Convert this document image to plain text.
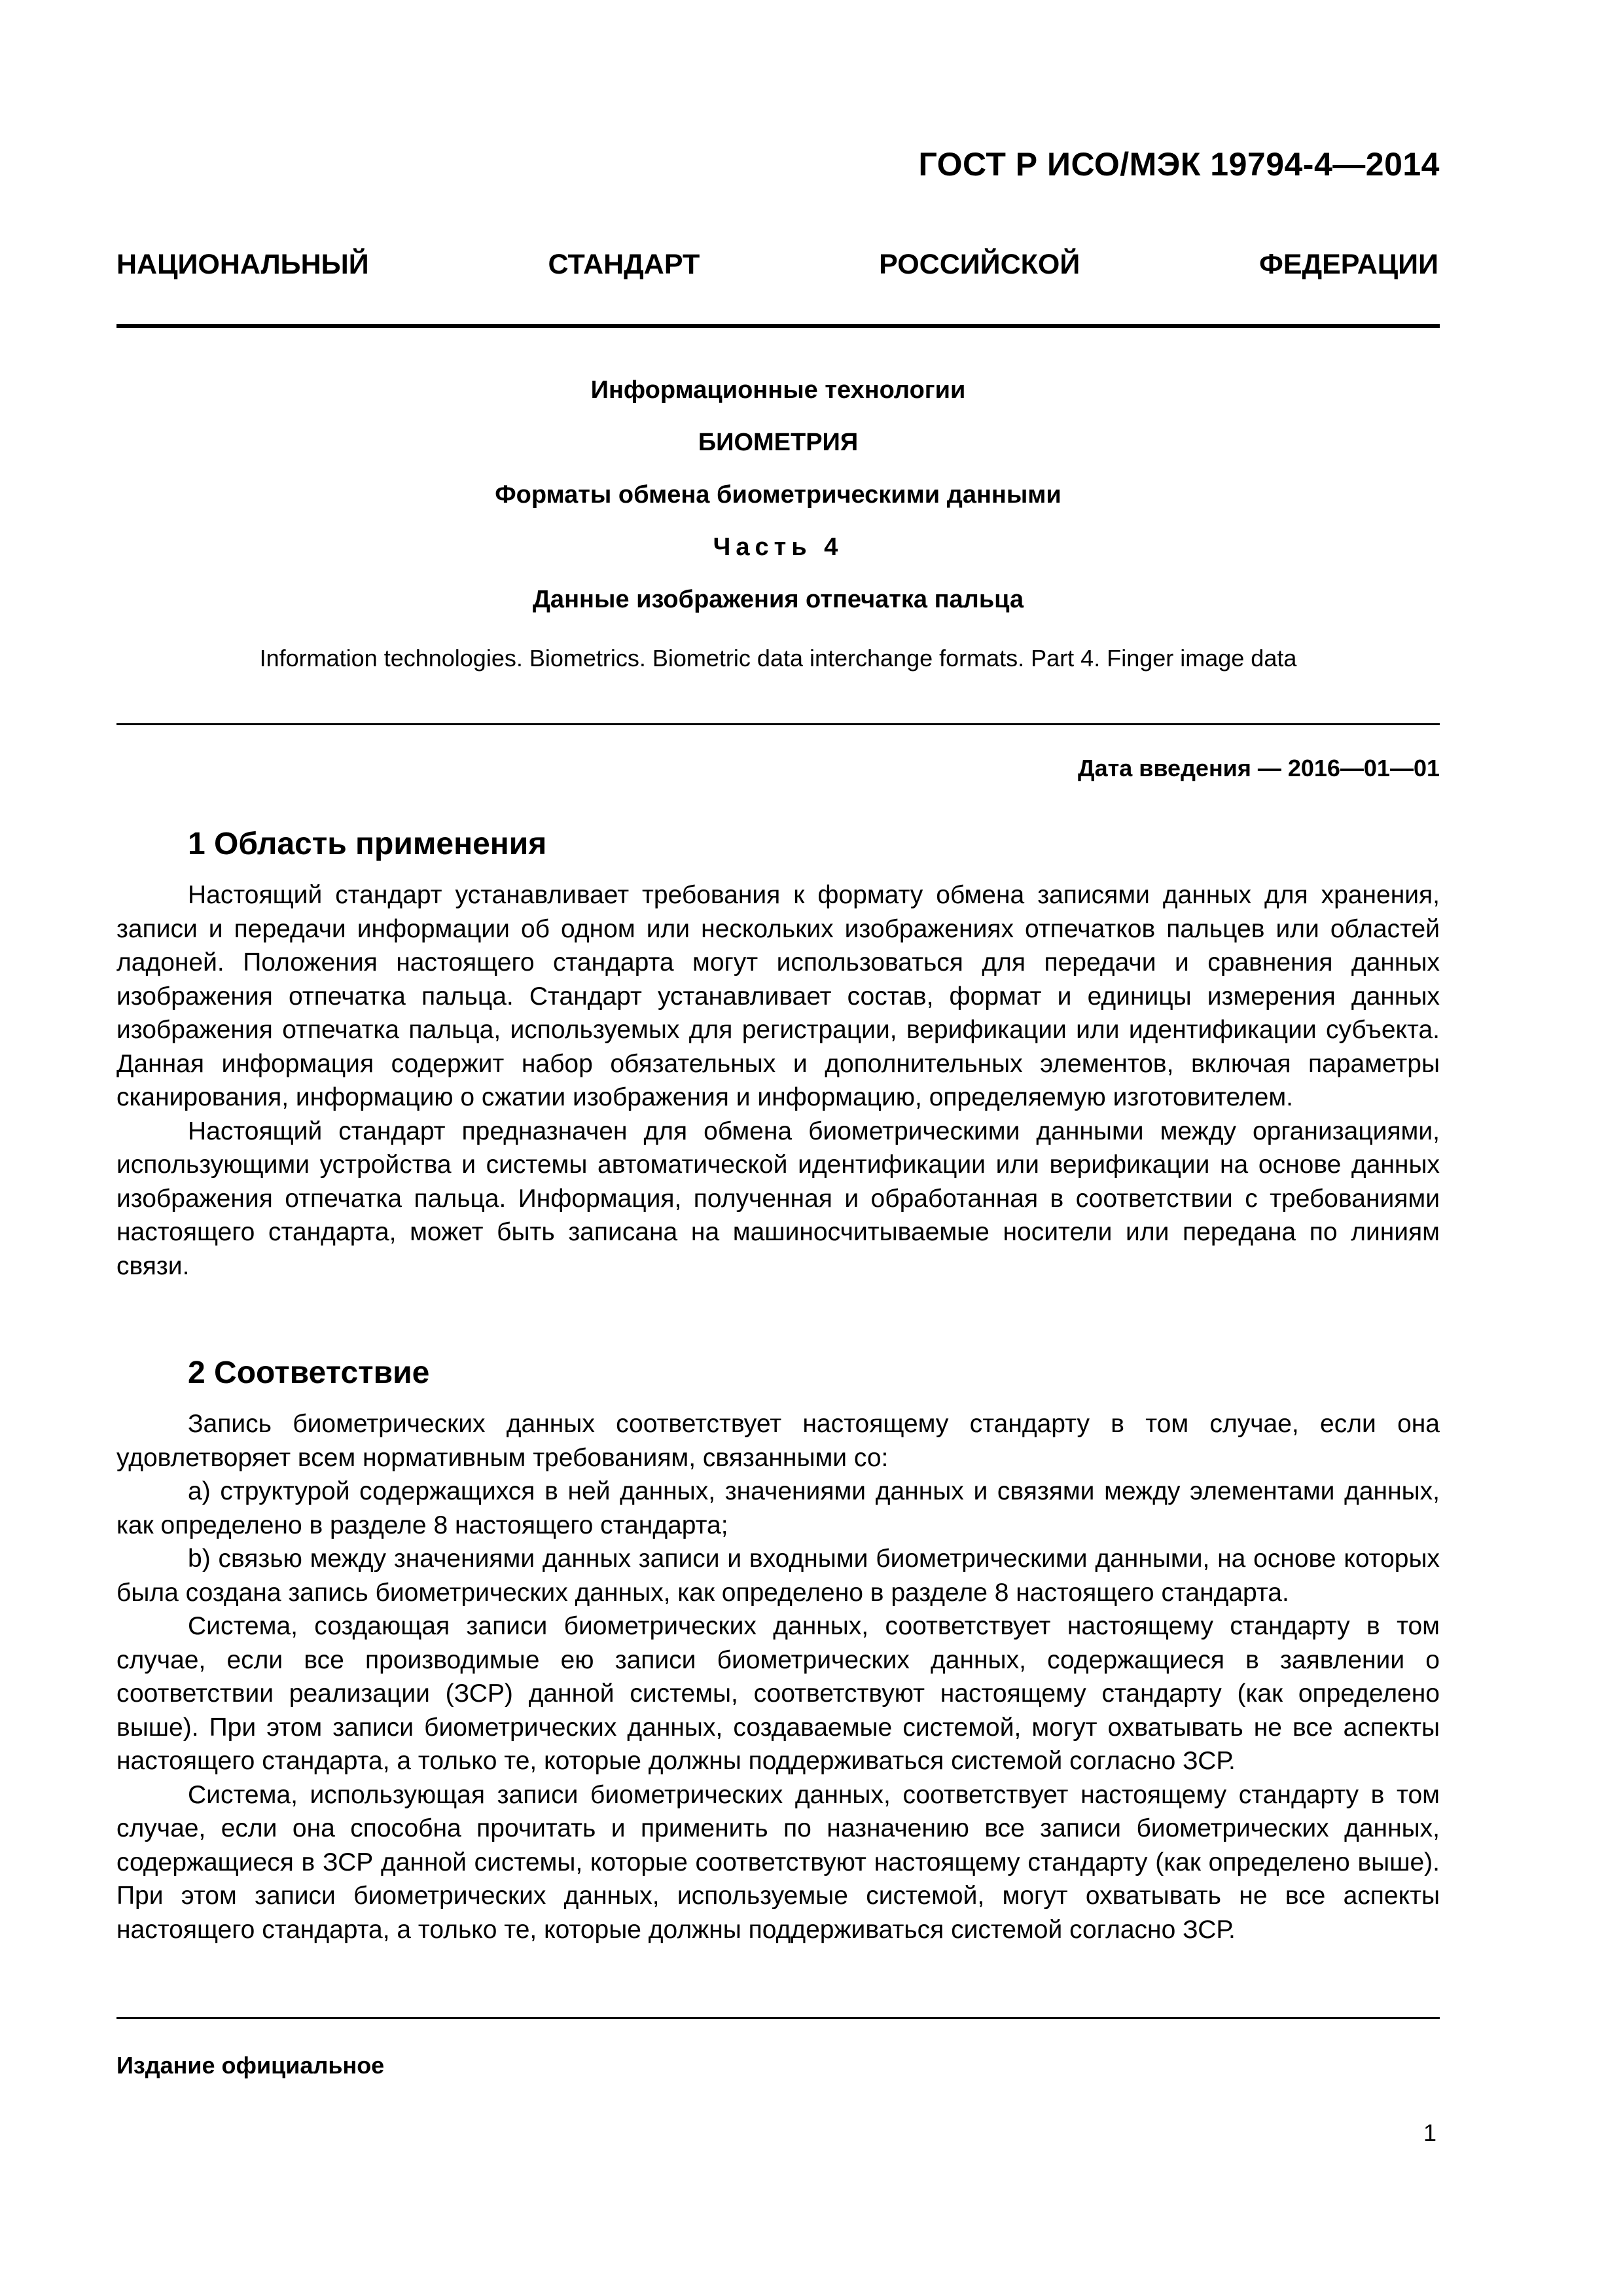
ГОСТ Р ИСО/МЭК 19794-4—2014
НАЦИОНАЛЬНЫЙ СТАНДАРТ РОССИЙСКОЙ ФЕДЕРАЦИИ
Информационные технологии
БИОМЕТРИЯ
Форматы обмена биометрическими данными
Часть 4
Данные изображения отпечатка пальца
Information technologies. Biometrics. Biometric data interchange formats. Part 4. Finger image data
Дата введения — 2016—01—01
1 Область применения

Настоящий стандарт устанавливает требования к формату обмена записями данных для хранения, записи и передачи информации об одном или нескольких изображениях отпечатков пальцев или областей ладоней. Положения настоящего стандарта могут использоваться для передачи и сравнения данных изображения отпечатка пальца. Стандарт устанавливает состав, формат и единицы измерения данных изображения отпечатка пальца, используемых для регистрации, верификации или идентификации субъекта. Данная информация содержит набор обязательных и дополнительных элементов, включая параметры сканирования, информацию о сжатии изображения и информацию, определяемую изготовителем.

Настоящий стандарт предназначен для обмена биометрическими данными между организациями, использующими устройства и системы автоматической идентификации или верификации на основе данных изображения отпечатка пальца. Информация, полученная и обработанная в соответствии с требованиями настоящего стандарта, может быть записана на машиносчитываемые носители или передана по линиям связи.

2 Соответствие

Запись биометрических данных соответствует настоящему стандарту в том случае, если она удовлетворяет всем нормативным требованиям, связанными со:

а) структурой содержащихся в ней данных, значениями данных и связями между элементами данных, как определено в разделе 8 настоящего стандарта;

b) связью между значениями данных записи и входными биометрическими данными, на основе которых была создана запись биометрических данных, как определено в разделе 8 настоящего стандарта.

Система, создающая записи биометрических данных, соответствует настоящему стандарту в том случае, если все производимые ею записи биометрических данных, содержащиеся в заявлении о соответствии реализации (ЗСР) данной системы, соответствуют настоящему стандарту (как определено выше). При этом записи биометрических данных, создаваемые системой, могут охватывать не все аспекты настоящего стандарта, а только те, которые должны поддерживаться системой согласно ЗСР.

Система, использующая записи биометрических данных, соответствует настоящему стандарту в том случае, если она способна прочитать и применить по назначению все записи биометрических данных, содержащиеся в ЗСР данной системы, которые соответствуют настоящему стандарту (как определено выше). При этом записи биометрических данных, используемые системой, могут охватывать не все аспекты настоящего стандарта, а только те, которые должны поддерживаться системой согласно ЗСР.

Издание официальное
1
